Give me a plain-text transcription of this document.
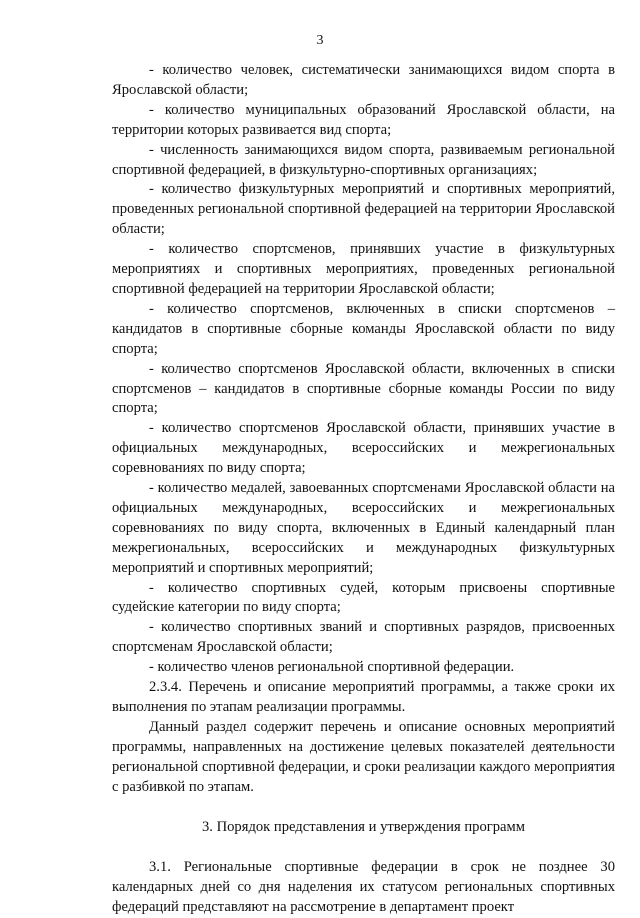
3

- количество человек, систематически занимающихся видом спорта в Ярославской области;

- количество муниципальных образований Ярославской области, на территории которых развивается вид спорта;

- численность занимающихся видом спорта, развиваемым региональной спортивной федерацией, в физкультурно-спортивных организациях;

- количество физкультурных мероприятий и спортивных мероприятий, проведенных региональной спортивной федерацией на территории Ярославской области;

- количество спортсменов, принявших участие в физкультурных мероприятиях и спортивных мероприятиях, проведенных региональной спортивной федерацией на территории Ярославской области;

- количество спортсменов, включенных в списки спортсменов – кандидатов в спортивные сборные команды Ярославской области по виду спорта;

- количество спортсменов Ярославской области, включенных в списки спортсменов – кандидатов в спортивные сборные команды России по виду спорта;

- количество спортсменов Ярославской области, принявших участие в официальных международных, всероссийских и межрегиональных соревнованиях по виду спорта;

- количество медалей, завоеванных спортсменами Ярославской области на официальных международных, всероссийских и межрегиональных соревнованиях по виду спорта, включенных в Единый календарный план межрегиональных, всероссийских и международных физкультурных мероприятий и спортивных мероприятий;

- количество спортивных судей, которым присвоены спортивные судейские категории по виду спорта;

- количество спортивных званий и спортивных разрядов, присвоенных спортсменам Ярославской области;

- количество членов региональной спортивной федерации.

2.3.4. Перечень и описание мероприятий программы, а также сроки их выполнения по этапам реализации программы.

Данный раздел содержит перечень и описание основных мероприятий программы, направленных на достижение целевых показателей деятельности региональной спортивной федерации, и сроки реализации каждого мероприятия с разбивкой по этапам.

3. Порядок представления и утверждения программ

3.1. Региональные спортивные федерации в срок не позднее 30 календарных дней со дня наделения их статусом региональных спортивных федераций представляют на рассмотрение в департамент проект
